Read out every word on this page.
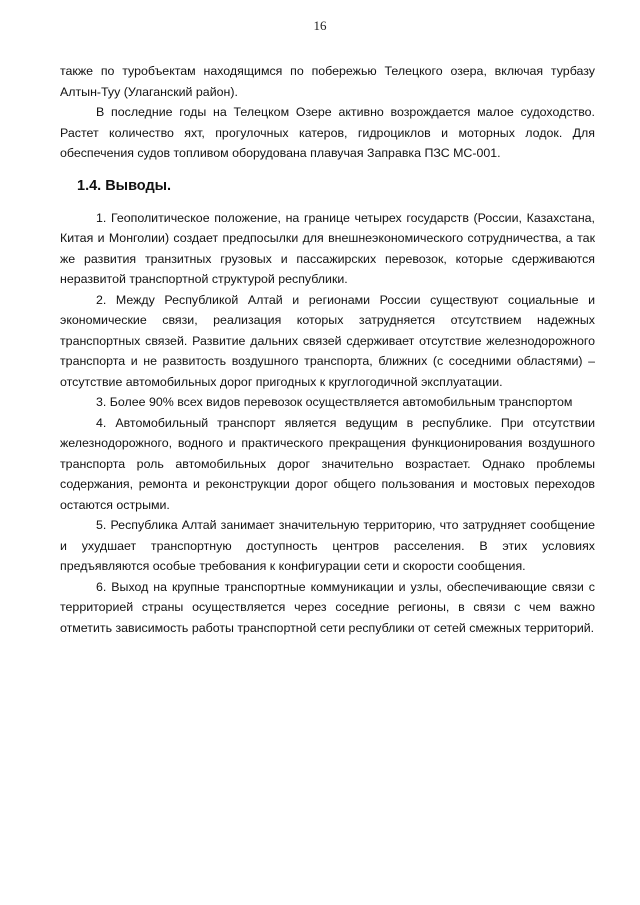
16

также по туробъектам находящимся по побережью Телецкого озера, включая турбазу Алтын-Туу (Улаганский район).

В последние годы на Телецком Озере активно возрождается малое судоходство. Растет количество яхт, прогулочных катеров, гидроциклов и моторных лодок. Для обеспечения судов топливом оборудована плавучая Заправка ПЗС МС-001.

1.4. Выводы.

1. Геополитическое положение, на границе четырех государств (России, Казахстана, Китая и Монголии) создает предпосылки для внешнеэкономического сотрудничества, а так же развития транзитных грузовых и пассажирских перевозок, которые сдерживаются неразвитой транспортной структурой республики.

2. Между Республикой Алтай и регионами России существуют социальные и экономические связи, реализация которых затрудняется отсутствием надежных транспортных связей. Развитие дальних связей сдерживает отсутствие железнодорожного транспорта и не развитость воздушного транспорта, ближних (с соседними областями) – отсутствие автомобильных дорог пригодных к круглогодичной эксплуатации.

3. Более 90% всех видов перевозок осуществляется автомобильным транспортом

4. Автомобильный транспорт является ведущим в республике. При отсутствии железнодорожного, водного и практического прекращения функционирования воздушного транспорта роль автомобильных дорог значительно возрастает. Однако проблемы содержания, ремонта и реконструкции дорог общего пользования и мостовых переходов остаются острыми.

5. Республика Алтай занимает значительную территорию, что затрудняет сообщение и ухудшает транспортную доступность центров расселения. В этих условиях предъявляются особые требования к конфигурации сети и скорости сообщения.

6. Выход на крупные транспортные коммуникации и узлы, обеспечивающие связи с территорией страны осуществляется через соседние регионы, в связи с чем важно отметить зависимость работы транспортной сети республики от сетей смежных территорий.
